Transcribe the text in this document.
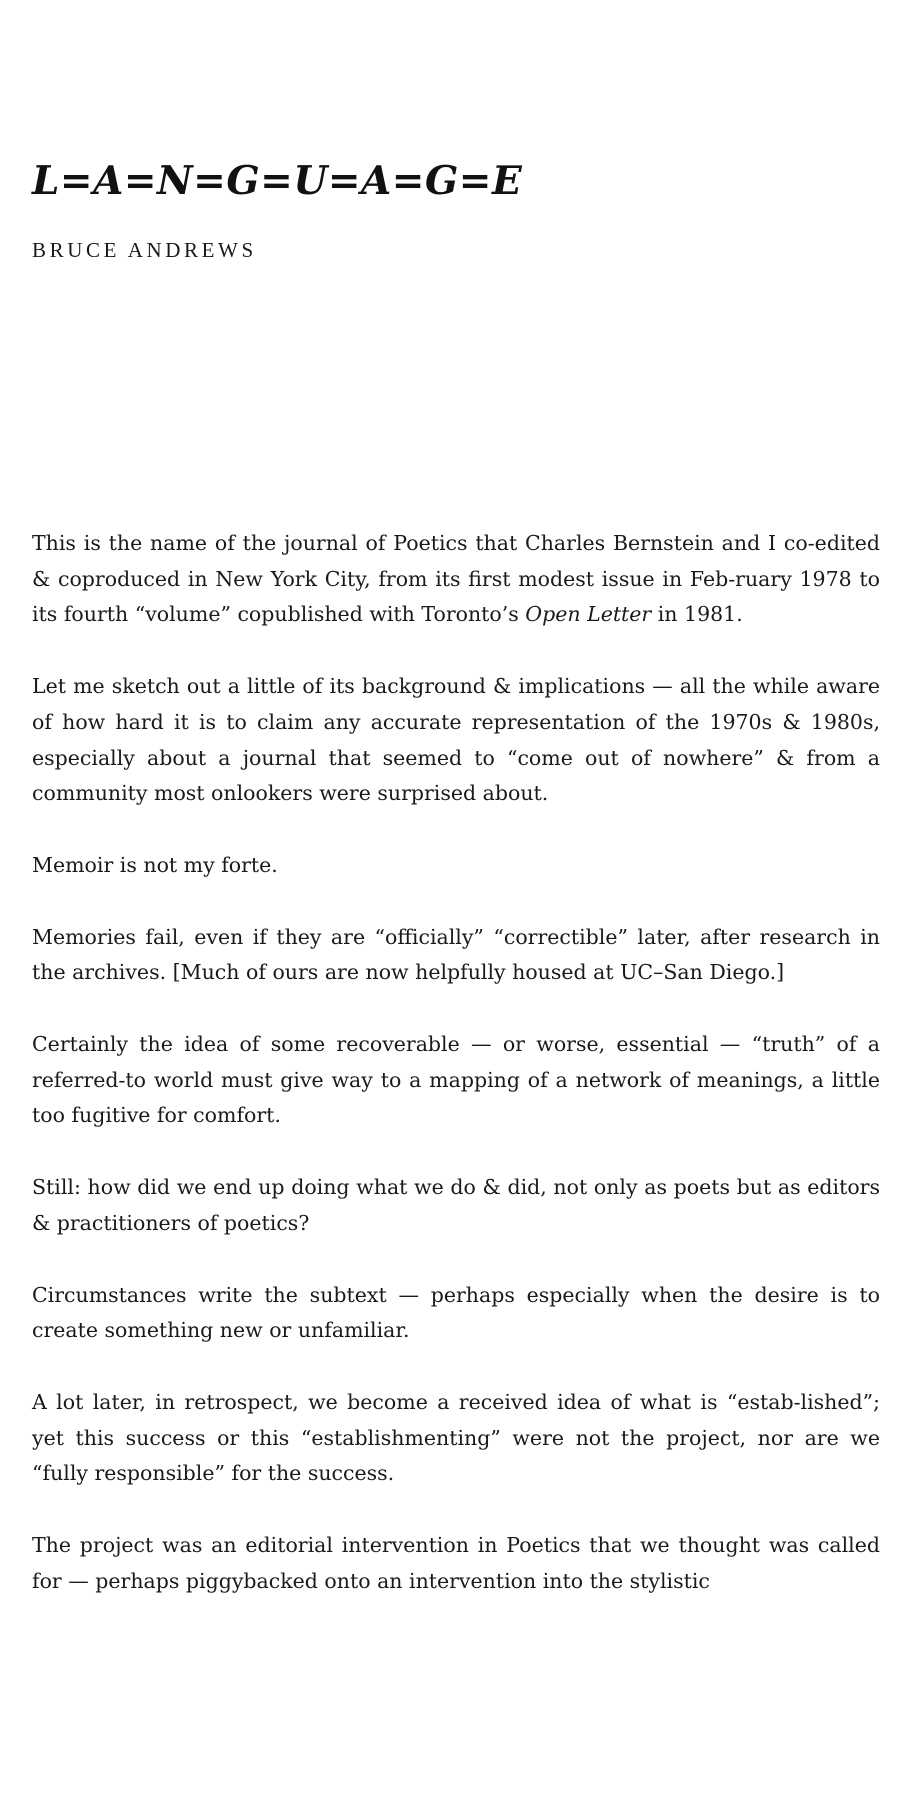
L=A=N=G=U=A=G=E
BRUCE ANDREWS

This is the name of the journal of Poetics that Charles Bernstein and I co-edited & coproduced in New York City, from its first modest issue in Feb-ruary 1978 to its fourth “volume” copublished with Toronto’s Open Letter in 1981.

Let me sketch out a little of its background & implications — all the while aware of how hard it is to claim any accurate representation of the 1970s & 1980s, especially about a journal that seemed to “come out of nowhere” & from a community most onlookers were surprised about.

Memoir is not my forte.

Memories fail, even if they are “officially” “correctible” later, after research in the archives. [Much of ours are now helpfully housed at UC–San Diego.]

Certainly the idea of some recoverable — or worse, essential — “truth” of a referred-to world must give way to a mapping of a network of meanings, a little too fugitive for comfort.

Still: how did we end up doing what we do & did, not only as poets but as editors & practitioners of poetics?

Circumstances write the subtext — perhaps especially when the desire is to create something new or unfamiliar.

A lot later, in retrospect, we become a received idea of what is “estab-lished”; yet this success or this “establishmenting” were not the project, nor are we “fully responsible” for the success.

The project was an editorial intervention in Poetics that we thought was called for — perhaps piggybacked onto an intervention into the stylistic
